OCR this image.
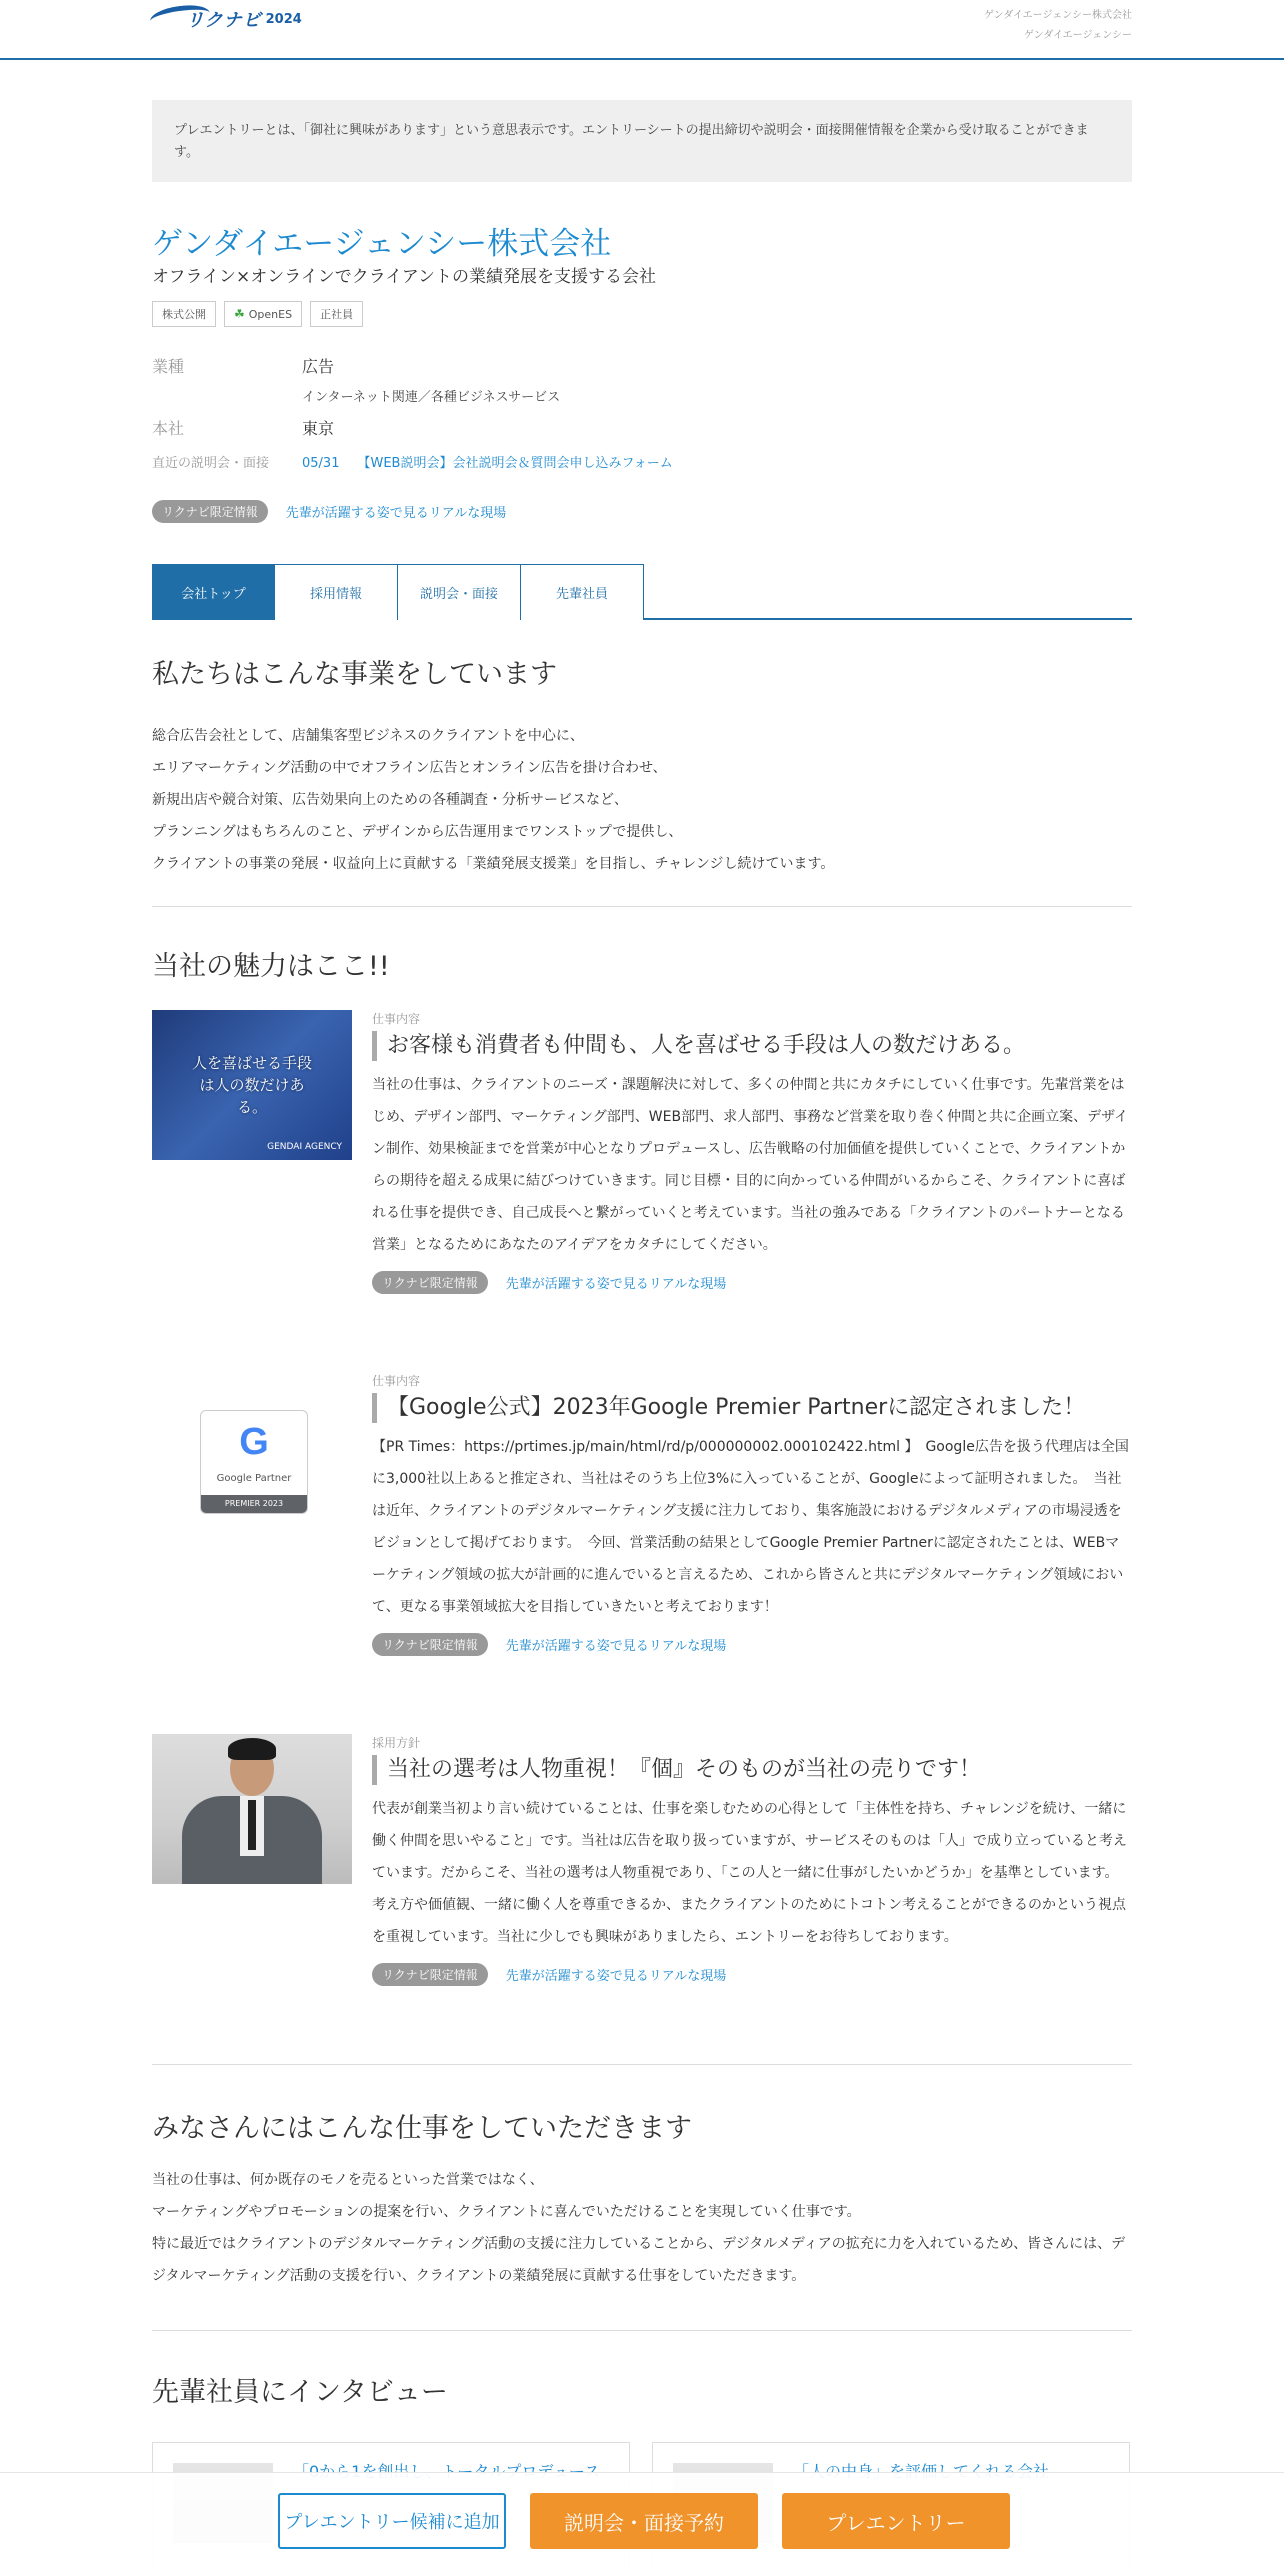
リクナビ 2024	ゲンダイエージェンシー株式会社
ゲンダイエージェンシー
プレエントリーとは、「御社に興味があります」という意思表示です。エントリーシートの提出締切や説明会・面接開催情報を企業から受け取ることができます。
ゲンダイエージェンシー株式会社
オフライン×オンラインでクライアントの業績発展を支援する会社
株式公開 ☘ OpenES	正社員
業種	広告
インターネット関連／各種ビジネスサービス
本社	東京
直近の説明会・面接	05/31 【WEB説明会】会社説明会＆質問会申し込みフォーム
リクナビ限定情報	先輩が活躍する姿で見るリアルな現場
会社トップ	採用情報	説明会・面接	先輩社員
私たちはこんな事業をしています
総合広告会社として、店舗集客型ビジネスのクライアントを中心に、
エリアマーケティング活動の中でオフライン広告とオンライン広告を掛け合わせ、
新規出店や競合対策、広告効果向上のための各種調査・分析サービスなど、
プランニングはもちろんのこと、デザインから広告運用までワンストップで提供し、
クライアントの事業の発展・収益向上に貢献する「業績発展支援業」を目指し、チャレンジし続けています。
当社の魅力はここ!!
人を喜ばせる手段は人の数だけある。
GENDAI AGENCY
仕事内容
お客様も消費者も仲間も、人を喜ばせる手段は人の数だけある。
当社の仕事は、クライアントのニーズ・課題解決に対して、多くの仲間と共にカタチにしていく仕事です。先輩営業をはじめ、デザイン部門、マーケティング部門、WEB部門、求人部門、事務など営業を取り巻く仲間と共に企画立案、デザイン制作、効果検証までを営業が中心となりプロデュースし、広告戦略の付加価値を提供していくことで、クライアントからの期待を超える成果に結びつけていきます。同じ目標・目的に向かっている仲間がいるからこそ、クライアントに喜ばれる仕事を提供でき、自己成長へと繋がっていくと考えています。当社の強みである「クライアントのパートナーとなる営業」となるためにあなたのアイデアをカタチにしてください。
リクナビ限定情報	先輩が活躍する姿で見るリアルな現場
G
Google Partner
PREMIER 2023
仕事内容
【Google公式】2023年Google Premier Partnerに認定されました！
【PR Times：https://prtimes.jp/main/html/rd/p/000000002.000102422.html 】　Google広告を扱う代理店は全国に3,000社以上あると推定され、当社はそのうち上位3%に入っていることが、Googleによって証明されました。　当社は近年、クライアントのデジタルマーケティング支援に注力しており、集客施設におけるデジタルメディアの市場浸透をビジョンとして掲げております。　今回、営業活動の結果としてGoogle Premier Partnerに認定されたことは、WEBマーケティング領域の拡大が計画的に進んでいると言えるため、これから皆さんと共にデジタルマーケティング領域において、更なる事業領域拡大を目指していきたいと考えております！
リクナビ限定情報	先輩が活躍する姿で見るリアルな現場
採用方針
当社の選考は人物重視！『個』そのものが当社の売りです！
代表が創業当初より言い続けていることは、仕事を楽しむための心得として「主体性を持ち、チャレンジを続け、一緒に働く仲間を思いやること」です。当社は広告を取り扱っていますが、サービスそのものは「人」で成り立っていると考えています。だからこそ、当社の選考は人物重視であり、「この人と一緒に仕事がしたいかどうか」を基準としています。考え方や価値観、一緒に働く人を尊重できるか、またクライアントのためにトコトン考えることができるのかという視点を重視しています。当社に少しでも興味がありましたら、エントリーをお待ちしております。
リクナビ限定情報	先輩が活躍する姿で見るリアルな現場
みなさんにはこんな仕事をしていただきます
当社の仕事は、何か既存のモノを売るといった営業ではなく、
マーケティングやプロモーションの提案を行い、クライアントに喜んでいただけることを実現していく仕事です。
特に最近ではクライアントのデジタルマーケティング活動の支援に注力していることから、デジタルメディアの拡充に力を入れているため、皆さんには、デジタルマーケティング活動の支援を行い、クライアントの業績発展に貢献する仕事をしていただきます。
先輩社員にインタビュー
プレエントリー候補に追加	説明会・面接予約	プレエントリー
